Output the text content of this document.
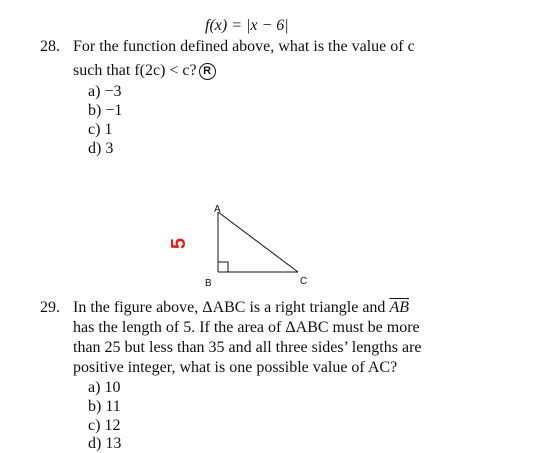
f(x) = |x − 6|
28. For the function defined above, what is the value of c
such that f(2c) < c? R
a) −3
b) −1
c) 1
d) 3
A
B	C
5
29. In the figure above, ΔABC is a right triangle and $\overline{AB}$
has the length of 5. If the area of ΔABC must be more
than 25 but less than 35 and all three sides’ lengths are
positive integer, what is one possible value of AC?
a) 10
b) 11
c) 12
d) 13
